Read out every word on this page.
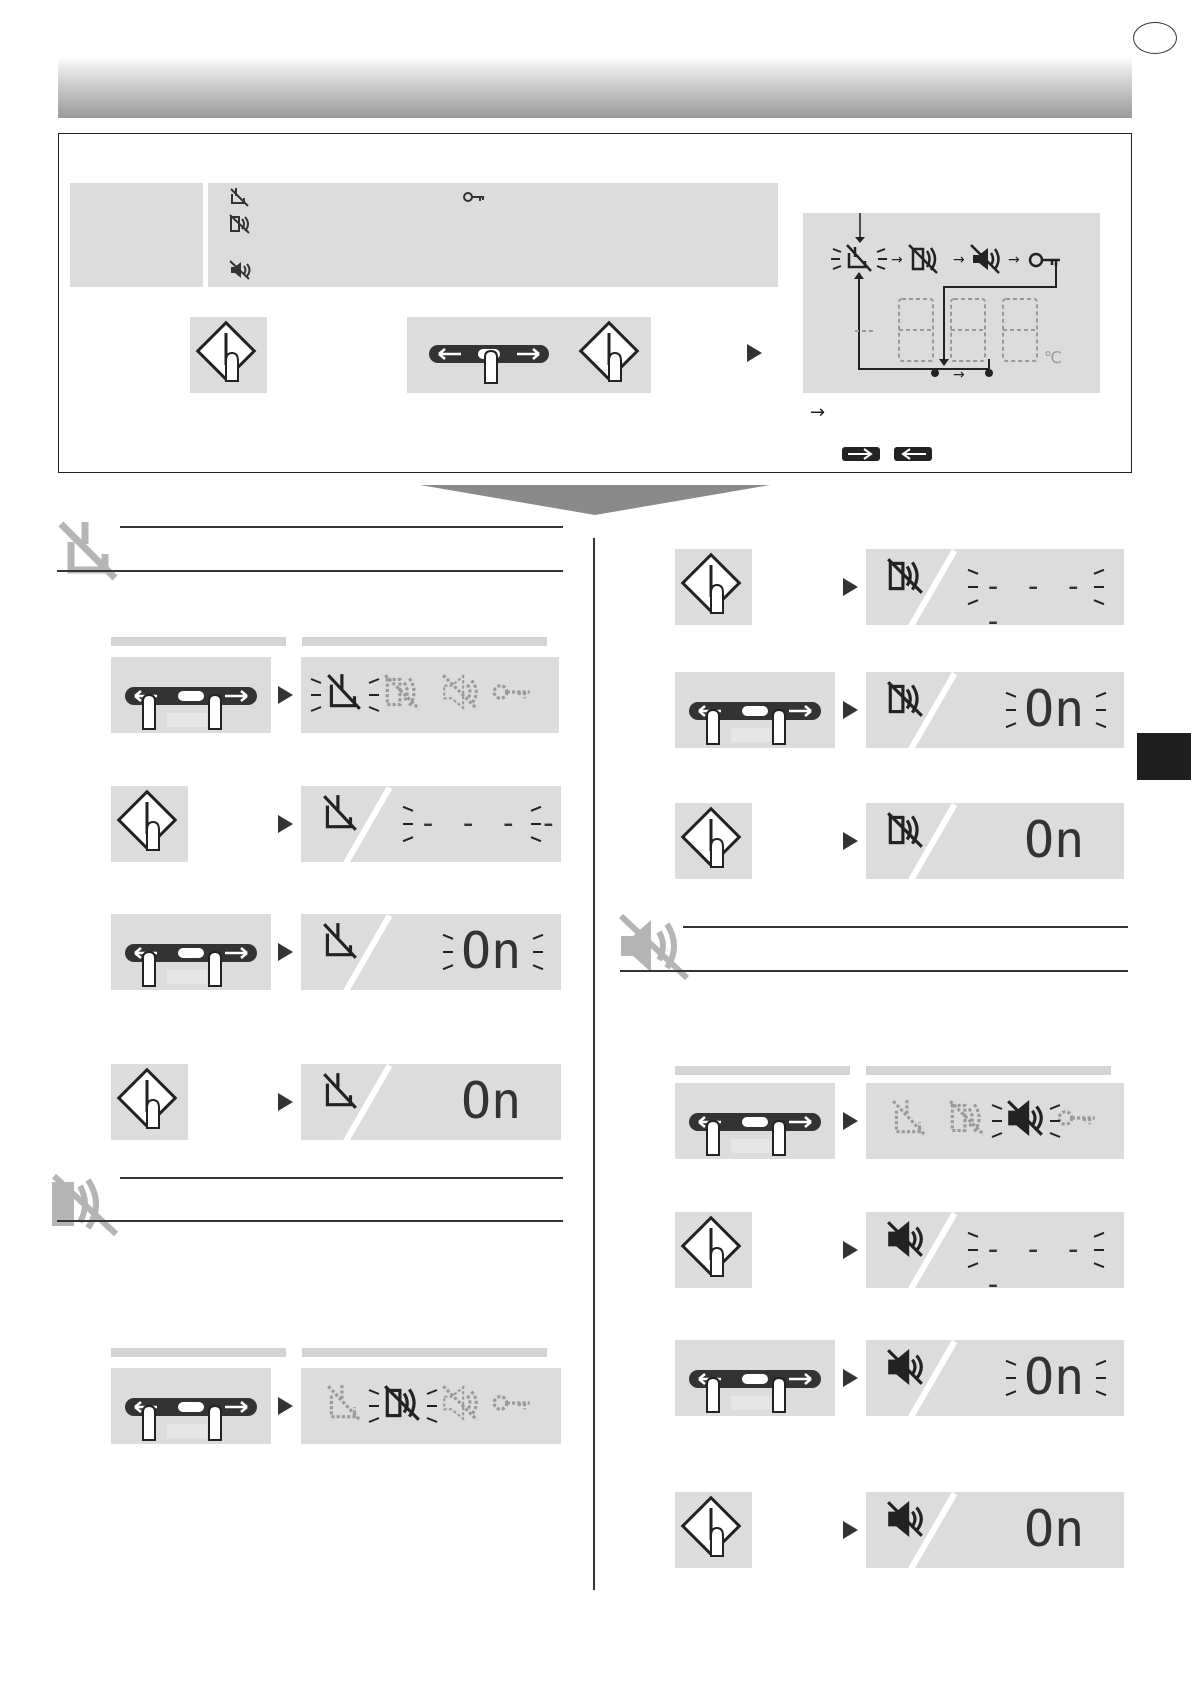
→	→	→
→
℃
→
- - - -
On
On
- - - -
On
On
- - - -
On
On
